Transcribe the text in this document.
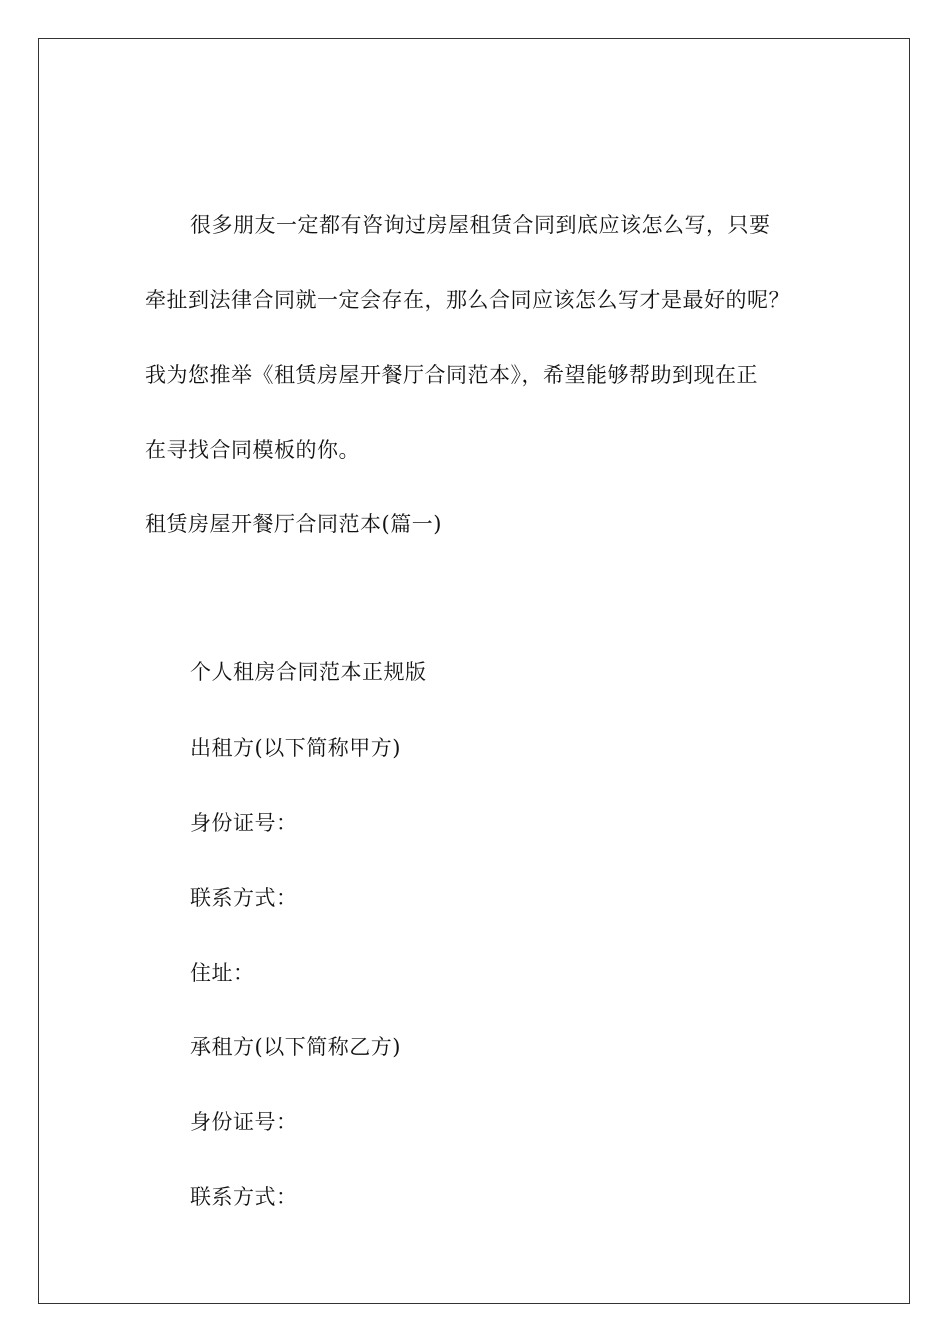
很多朋友一定都有咨询过房屋租赁合同到底应该怎么写，只要

牵扯到法律合同就一定会存在，那么合同应该怎么写才是最好的呢？

我为您推举《租赁房屋开餐厅合同范本》，希望能够帮助到现在正

在寻找合同模板的你。

租赁房屋开餐厅合同范本(篇一)

个人租房合同范本正规版

出租方(以下简称甲方)

身份证号：

联系方式：

住址：

承租方(以下简称乙方)

身份证号：

联系方式：
